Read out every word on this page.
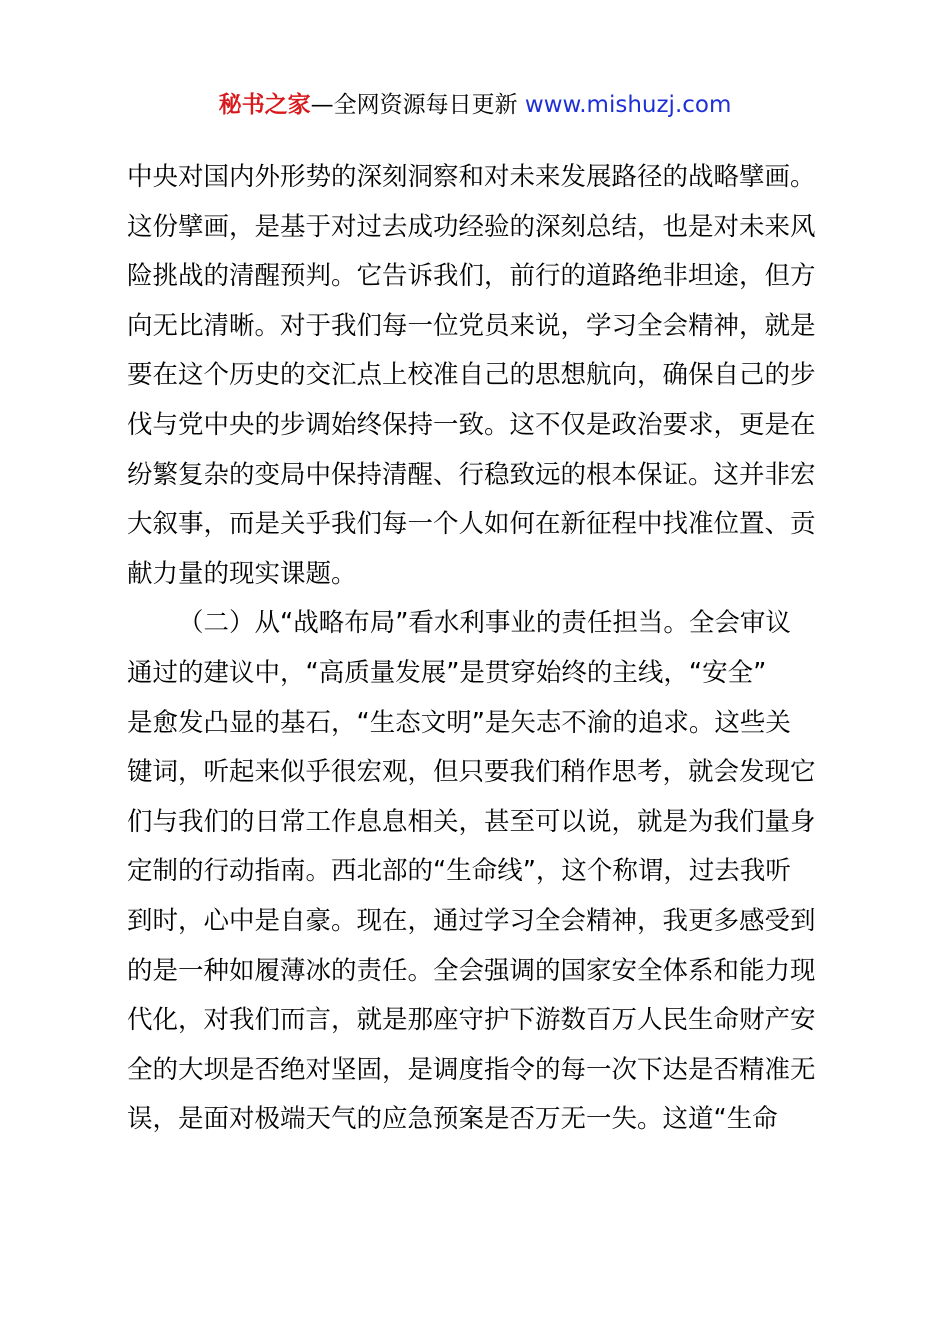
秘书之家—全网资源每日更新 www.mishuzj.com

中央对国内外形势的深刻洞察和对未来发展路径的战略擘画。
这份擘画，是基于对过去成功经验的深刻总结，也是对未来风
险挑战的清醒预判。它告诉我们，前行的道路绝非坦途，但方
向无比清晰。对于我们每一位党员来说，学习全会精神，就是
要在这个历史的交汇点上校准自己的思想航向，确保自己的步
伐与党中央的步调始终保持一致。这不仅是政治要求，更是在
纷繁复杂的变局中保持清醒、行稳致远的根本保证。这并非宏
大叙事，而是关乎我们每一个人如何在新征程中找准位置、贡
献力量的现实课题。

（二）从“战略布局”看水利事业的责任担当。全会审议
通过的建议中，“高质量发展”是贯穿始终的主线，“安全”
是愈发凸显的基石，“生态文明”是矢志不渝的追求。这些关
键词，听起来似乎很宏观，但只要我们稍作思考，就会发现它
们与我们的日常工作息息相关，甚至可以说，就是为我们量身
定制的行动指南。西北部的“生命线”，这个称谓，过去我听
到时，心中是自豪。现在，通过学习全会精神，我更多感受到
的是一种如履薄冰的责任。全会强调的国家安全体系和能力现
代化，对我们而言，就是那座守护下游数百万人民生命财产安
全的大坝是否绝对坚固，是调度指令的每一次下达是否精准无
误，是面对极端天气的应急预案是否万无一失。这道“生命
